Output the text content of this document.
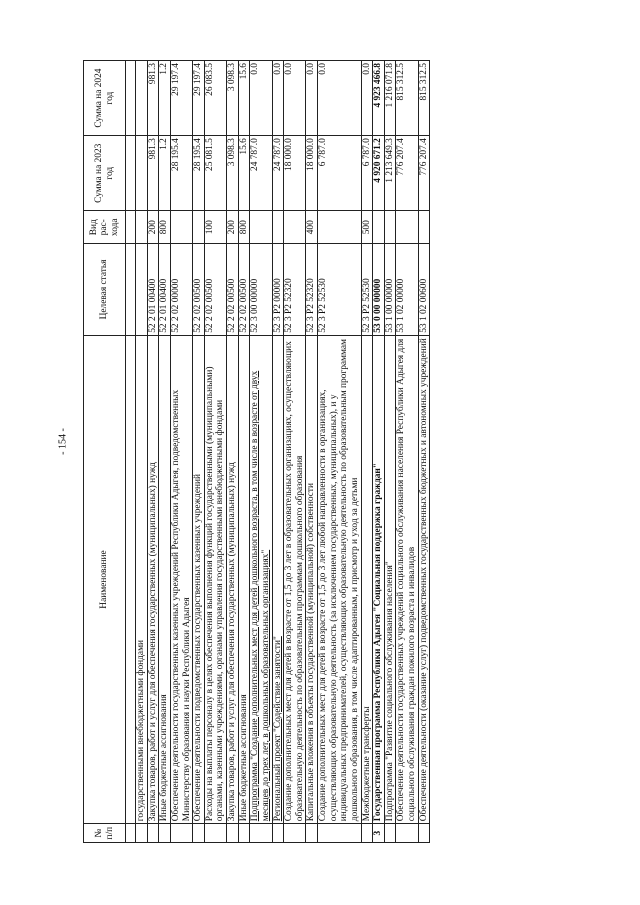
- 154 -
№ п/п	Наименование	Целевая статья	Вид рас- хода	Сумма на 2023 год	Сумма на 2024 год

	государственными внебюджетными фондами				
	Закупка товаров, работ и услуг для обеспечения государственных (муниципальных) нужд	52 2 01 00400	200	981.3	981.3
	Иные бюджетные ассигнования	52 2 01 00400	800	1.2	1.2
	Обеспечение деятельности государственных казенных учреждений Республики Адыгея, подведомственных Министерству образования и науки Республики Адыгея	52 2 02 00000		28 195.4	29 197.4
	Обеспечение деятельности подведомственных государственных казенных учреждений	52 2 02 00500		28 195.4	29 197.4
	Расходы на выплаты персоналу в целях обеспечения выполнения функций государственными (муниципальными) органами, казенными учреждениями, органами управления государственными внебюджетными фондами	52 2 02 00500	100	25 081.5	26 083.5
	Закупка товаров, работ и услуг для обеспечения государственных (муниципальных) нужд	52 2 02 00500	200	3 098.3	3 098.3
	Иные бюджетные ассигнования	52 2 02 00500	800	15.6	15.6
	Подпрограмма "Создание дополнительных мест для детей дошкольного возраста, в том числе в возрасте от двух месяцев до трех лет, в дошкольных образовательных организациях"	52 3 00 00000		24 787.0	0.0
	Региональный проект "Содействие занятости"	52 3 P2 00000		24 787.0	0.0
	Создание дополнительных мест для детей в возрасте от 1,5 до 3 лет в образовательных организациях, осуществляющих образовательную деятельность по образовательным программам дошкольного образования	52 3 P2 52320		18 000.0	0.0
	Капитальные вложения в объекты государственной (муниципальной) собственности	52 3 P2 52320	400	18 000.0	0.0
	Создание дополнительных мест для детей в возрасте от 1,5 до 3 лет любой направленности в организациях, осуществляющих образовательную деятельность (за исключением государственных, муниципальных), и у индивидуальных предпринимателей, осуществляющих образовательную деятельность по образовательным программам дошкольного образования, в том числе адаптированным, и присмотр и уход за детьми	52 3 P2 52530		6 787.0	0.0
	Межбюджетные трансферты	52 3 P2 52530	500	6 787.0	0.0
3	Государственная программа Республики Адыгея "Социальная поддержка граждан"	53 0 00 00000		4 920 671.2	4 923 466.8
	Подпрограмма "Развитие социального обслуживания населения"	53 1 00 00000		1 213 649.3	1 216 071.8
	Обеспечение деятельности государственных учреждений социального обслуживания населения Республики Адыгея для социального обслуживания граждан пожилого возраста и инвалидов	53 1 02 00000		776 207.4	815 312.5
	Обеспечение деятельности (оказание услуг) подведомственных государственных бюджетных и автономных учреждений	53 1 02 00600		776 207.4	815 312.5
